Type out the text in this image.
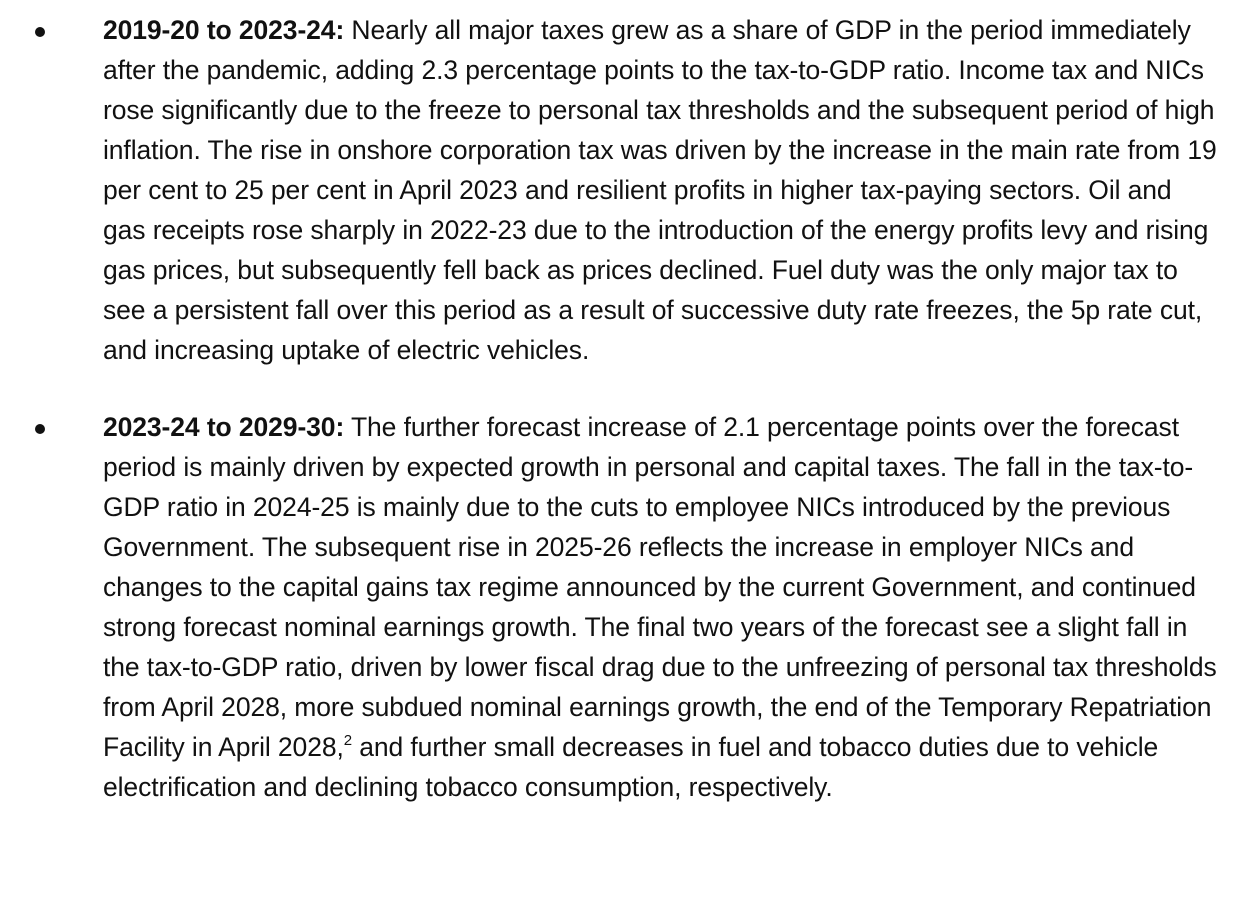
2019-20 to 2023-24: Nearly all major taxes grew as a share of GDP in the period immediately after the pandemic, adding 2.3 percentage points to the tax-to-GDP ratio. Income tax and NICs rose significantly due to the freeze to personal tax thresholds and the subsequent period of high inflation. The rise in onshore corporation tax was driven by the increase in the main rate from 19 per cent to 25 per cent in April 2023 and resilient profits in higher tax-paying sectors. Oil and gas receipts rose sharply in 2022-23 due to the introduction of the energy profits levy and rising gas prices, but subsequently fell back as prices declined. Fuel duty was the only major tax to see a persistent fall over this period as a result of successive duty rate freezes, the 5p rate cut, and increasing uptake of electric vehicles.
2023-24 to 2029-30: The further forecast increase of 2.1 percentage points over the forecast period is mainly driven by expected growth in personal and capital taxes. The fall in the tax-to-GDP ratio in 2024-25 is mainly due to the cuts to employee NICs introduced by the previous Government. The subsequent rise in 2025-26 reflects the increase in employer NICs and changes to the capital gains tax regime announced by the current Government, and continued strong forecast nominal earnings growth. The final two years of the forecast see a slight fall in the tax-to-GDP ratio, driven by lower fiscal drag due to the unfreezing of personal tax thresholds from April 2028, more subdued nominal earnings growth, the end of the Temporary Repatriation Facility in April 2028,$^2$ and further small decreases in fuel and tobacco duties due to vehicle electrification and declining tobacco consumption, respectively.
